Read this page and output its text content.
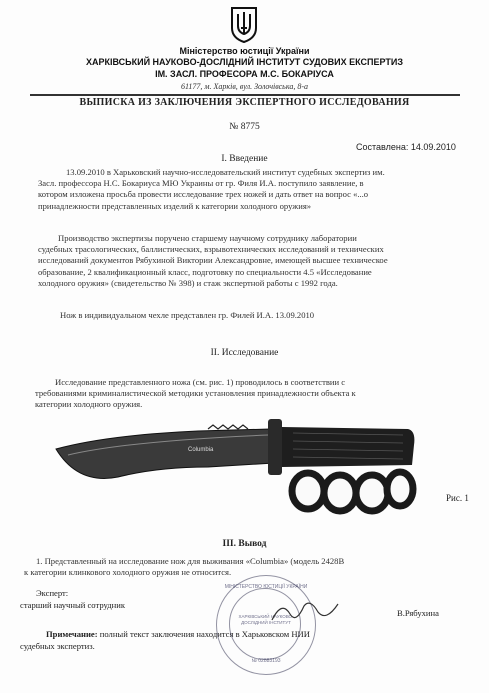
Міністерство юстиції України
ХАРКІВСЬКИЙ НАУКОВО-ДОСЛІДНИЙ ІНСТИТУТ СУДОВИХ ЕКСПЕРТИЗ
ІМ. ЗАСЛ. ПРОФЕСОРА М.С. БОКАРІУСА
61177, м. Харків, вул. Золочівська, 8-а
ВЫПИСКА ИЗ ЗАКЛЮЧЕНИЯ ЭКСПЕРТНОГО ИССЛЕДОВАНИЯ
№ 8775
Составлена: 14.09.2010
I. Введение
13.09.2010 в Харьковский научно-исследовательский институт судебных экспертиз им.
Засл. профессора Н.С. Бокариуса МЮ Украины от гр. Филя И.А. поступило заявление, в
котором изложена просьба провести исследование трех ножей и дать ответ на вопрос «...о
принадлежности представленных изделий к категории холодного оружия»
Производство экспертизы поручено старшему научному сотруднику лаборатории
судебных трасологических, баллистических, взрывотехнических исследований и технических
исследований документов Рябухиной Виктории Александровне, имеющей высшее техническое
образование, 2 квалификационный класс, подготовку по специальности 4.5 «Исследование
холодного оружия» (свидетельство № 398) и стаж экспертной работы с 1992 года.
Нож в индивидуальном чехле представлен гр. Филей И.А. 13.09.2010
II. Исследование
Исследование представленного ножа (см. рис. 1) проводилось в соответствии с
требованиями криминалистической методики установления принадлежности объекта к
категории холодного оружия.
Columbia
Рис. 1
III. Вывод
1. Представленный на исследование нож для выживания «Columbia» (модель 2428В
к категории клинкового холодного оружия не относится.
Эксперт:
старший научный сотрудник
В.Рябухина
Примечание: полный текст заключения находится в Харьковском НИИ
судебных экспертиз.
МІНІСТЕРСТВО ЮСТИЦІЇ УКРАЇНИ
ХАРКІВСЬКИЙ НАУКОВО-ДОСЛІДНИЙ ІНСТИТУТ
№ 02883193
